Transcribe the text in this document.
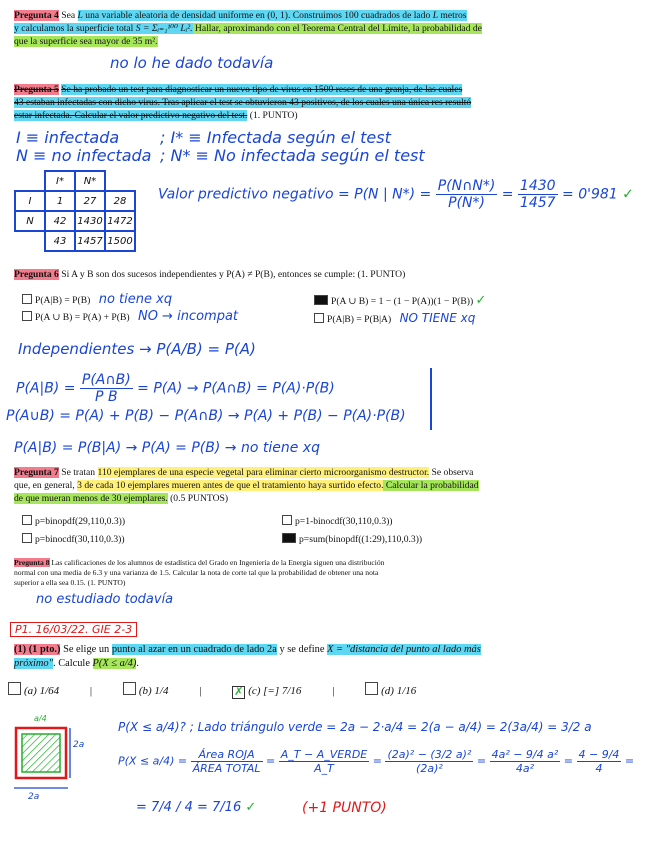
Pregunta 4 Sea L una variable aleatoria de densidad uniforme en (0, 1). Construimos 100 cuadrados de lado L metros
y calculamos la superficie total S = Σᵢ₌₁¹⁰⁰ Lᵢ². Hallar, aproximando con el Teorema Central del Límite, la probabilidad de
que la superficie sea mayor de 35 m².
no lo he dado todavía
Pregunta 5 Se ha probado un test para diagnosticar un nuevo tipo de virus en 1500 reses de una granja, de las cuales
43 estaban infectadas con dicho virus. Tras aplicar el test se obtuvieron 43 positivos, de los cuales una única res resultó
estar infectada. Calcular el valor predictivo negativo del test. (1. PUNTO)
I ≡ infectada	; I* ≡ Infectada según el test
N ≡ no infectada ; N* ≡ No infectada según el test
	I*	N*	
I	1	27	28
N	42	1430	1472
	43	1457	1500
Valor predictivo negativo = P(N | $N*) = \frac{P(N\cap N*)}{P(N*)} = \frac{1430}{1457} = 0'981$ ✓
Pregunta 6 Si A y B son dos sucesos independientes y P(A) ≠ P(B), entonces se cumple: (1. PUNTO)
P(A|B) = P(B) no tiene xq	P(A ∪ B) = 1 − (1 − P(A))(1 − P(B)) ✓
P(A ∪ B) = P(A) + P(B) NO → incompat	P(A|B) = P(B|A) NO TIENE xq
Independientes → P(A/B) = P(A)
$P(A|B) = \frac{P(A\cap B)}{\text{P B}} = P(A)$ → P(A∩B) = P(A)·P(B)
P(A∪B) = P(A) + P(B) − P(A∩B) → P(A) + P(B) − P(A)·P(B)
P(A|B) = P(B|A) → P(A) = P(B) → no tiene xq
Pregunta 7 Se tratan 110 ejemplares de una especie vegetal para eliminar cierto microorganismo destructor. Se observa
que, en general, 3 de cada 10 ejemplares mueren antes de que el tratamiento haya surtido efecto. Calcular la probabilidad
de que mueran menos de 30 ejemplares. (0.5 PUNTOS)
p=binopdf(29,110,0.3))	p=1-binocdf(30,110,0.3))
p=binocdf(30,110,0.3))	p=sum(binopdf((1:29),110,0.3))
Pregunta 8 Las calificaciones de los alumnos de estadística del Grado en Ingeniería de la Energía siguen una distribución
normal con una media de 6.3 y una varianza de 1.5. Calcular la nota de corte tal que la probabilidad de obtener una nota
superior a ella sea 0.15. (1. PUNTO)
no estudiado todavía
P1. 16/03/22. GIE 2-3
(1) (1 pto.) Se elige un punto al azar en un cuadrado de lado 2a y se define X = "distancia del punto al lado más
próximo". Calcule P(X ≤ a/4).
(a) 1/64	|	(b) 1/4	|	✗ (c) [=] 7/16	|	(d) 1/16
a/4
2a
2a
P(X ≤ a/4)? ; Lado triángulo verde = 2a − 2·a/4 = 2(a − a/4) = 2(3a/4) = 3/2 a
$P(X \le a/4) = \frac{\text{Área ROJA}}{\text{ÁREA TOTAL}} = \frac{\text{A\_T − A\_VERDE}}{A\_T} = \frac{\text{(2a)² − (3/2 a)²}}{\text{(2a)²}} = \frac{\text{4a² − 9/4 a²}}{\text{4a²}} = \frac{4 - 9/4}{4}$ =
= 7/4 / 4 = 7/16 ✓	(+1 PUNTO)
